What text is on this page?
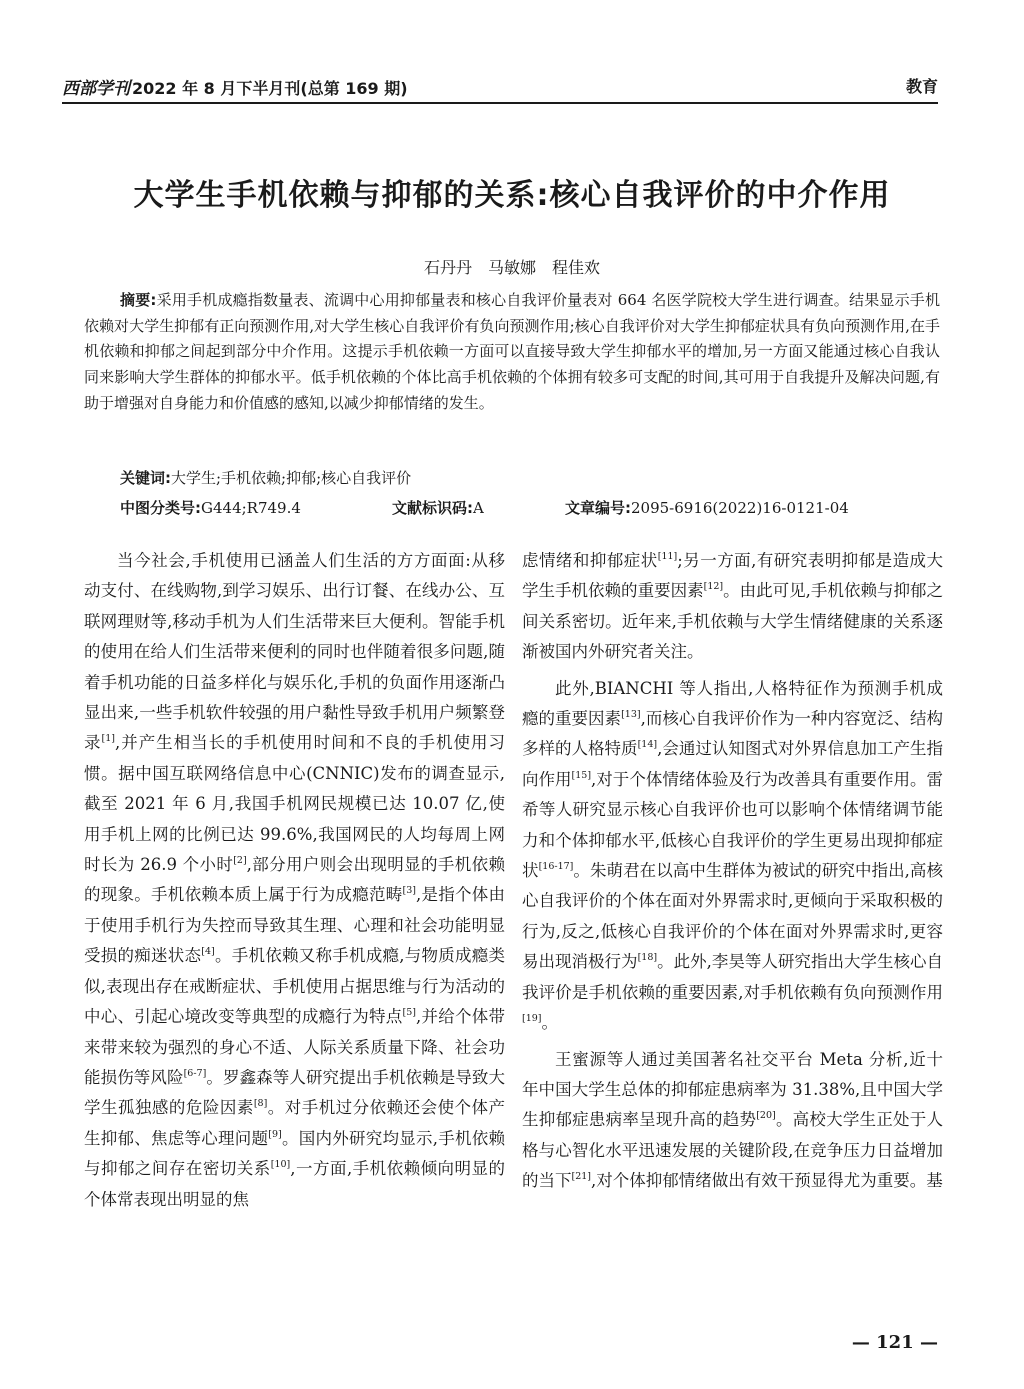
西部学刊 2022 年 8 月下半月刊(总第 169 期)	教育
大学生手机依赖与抑郁的关系:核心自我评价的中介作用
石丹丹　马敏娜　程佳欢
摘要:采用手机成瘾指数量表、流调中心用抑郁量表和核心自我评价量表对 664 名医学院校大学生进行调查。结果显示手机依赖对大学生抑郁有正向预测作用,对大学生核心自我评价有负向预测作用;核心自我评价对大学生抑郁症状具有负向预测作用,在手机依赖和抑郁之间起到部分中介作用。这提示手机依赖一方面可以直接导致大学生抑郁水平的增加,另一方面又能通过核心自我认同来影响大学生群体的抑郁水平。低手机依赖的个体比高手机依赖的个体拥有较多可支配的时间,其可用于自我提升及解决问题,有助于增强对自身能力和价值感的感知,以减少抑郁情绪的发生。
关键词:大学生;手机依赖;抑郁;核心自我评价
中图分类号:G444;R749.4	文献标识码:A	文章编号:2095-6916(2022)16-0121-04

当今社会,手机使用已涵盖人们生活的方方面面:从移动支付、在线购物,到学习娱乐、出行订餐、在线办公、互联网理财等,移动手机为人们生活带来巨大便利。智能手机的使用在给人们生活带来便利的同时也伴随着很多问题,随着手机功能的日益多样化与娱乐化,手机的负面作用逐渐凸显出来,一些手机软件较强的用户黏性导致手机用户频繁登录[1],并产生相当长的手机使用时间和不良的手机使用习惯。据中国互联网络信息中心(CNNIC)发布的调查显示,截至 2021 年 6 月,我国手机网民规模已达 10.07 亿,使用手机上网的比例已达 99.6%,我国网民的人均每周上网时长为 26.9 个小时[2],部分用户则会出现明显的手机依赖的现象。手机依赖本质上属于行为成瘾范畴[3],是指个体由于使用手机行为失控而导致其生理、心理和社会功能明显受损的痴迷状态[4]。手机依赖又称手机成瘾,与物质成瘾类似,表现出存在戒断症状、手机使用占据思维与行为活动的中心、引起心境改变等典型的成瘾行为特点[5],并给个体带来带来较为强烈的身心不适、人际关系质量下降、社会功能损伤等风险[6-7]。罗鑫森等人研究提出手机依赖是导致大学生孤独感的危险因素[8]。对手机过分依赖还会使个体产生抑郁、焦虑等心理问题[9]。国内外研究均显示,手机依赖与抑郁之间存在密切关系[10],一方面,手机依赖倾向明显的个体常表现出明显的焦

虑情绪和抑郁症状[11];另一方面,有研究表明抑郁是造成大学生手机依赖的重要因素[12]。由此可见,手机依赖与抑郁之间关系密切。近年来,手机依赖与大学生情绪健康的关系逐渐被国内外研究者关注。

此外,BIANCHI 等人指出,人格特征作为预测手机成瘾的重要因素[13],而核心自我评价作为一种内容宽泛、结构多样的人格特质[14],会通过认知图式对外界信息加工产生指向作用[15],对于个体情绪体验及行为改善具有重要作用。雷希等人研究显示核心自我评价也可以影响个体情绪调节能力和个体抑郁水平,低核心自我评价的学生更易出现抑郁症状[16-17]。朱萌君在以高中生群体为被试的研究中指出,高核心自我评价的个体在面对外界需求时,更倾向于采取积极的行为,反之,低核心自我评价的个体在面对外界需求时,更容易出现消极行为[18]。此外,李昊等人研究指出大学生核心自我评价是手机依赖的重要因素,对手机依赖有负向预测作用[19]。

王蜜源等人通过美国著名社交平台 Meta 分析,近十年中国大学生总体的抑郁症患病率为 31.38%,且中国大学生抑郁症患病率呈现升高的趋势[20]。高校大学生正处于人格与心智化水平迅速发展的关键阶段,在竞争压力日益增加的当下[21],对个体抑郁情绪做出有效干预显得尤为重要。基

— 121 —
